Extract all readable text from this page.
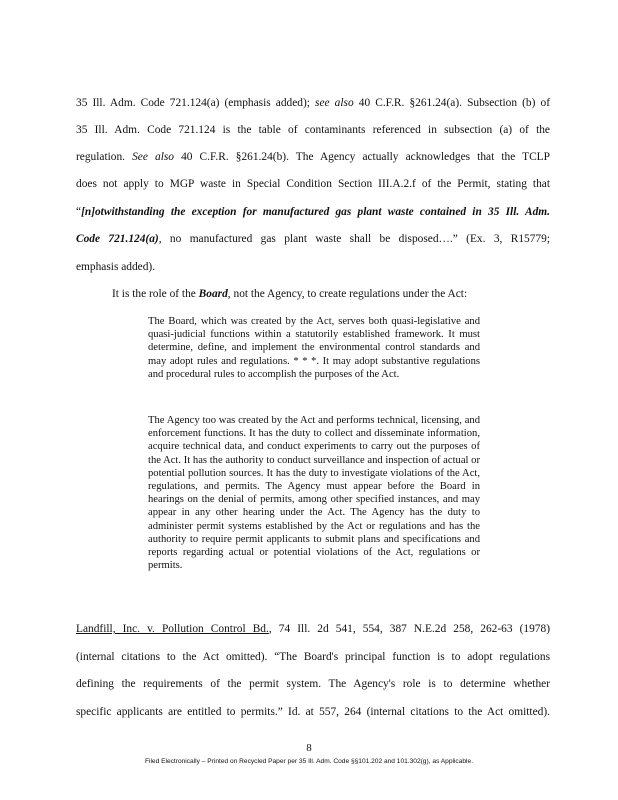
35 Ill. Adm. Code 721.124(a) (emphasis added); see also 40 C.F.R. §261.24(a). Subsection (b) of
35 Ill. Adm. Code 721.124 is the table of contaminants referenced in subsection (a) of the
regulation. See also 40 C.F.R. §261.24(b). The Agency actually acknowledges that the TCLP
does not apply to MGP waste in Special Condition Section III.A.2.f of the Permit, stating that
“[n]otwithstanding the exception for manufactured gas plant waste contained in 35 Ill. Adm.
Code 721.124(a), no manufactured gas plant waste shall be disposed….” (Ex. 3, R15779;
emphasis added).
It is the role of the Board, not the Agency, to create regulations under the Act:

The Board, which was created by the Act, serves both quasi-legislative and quasi-judicial functions within a statutorily established framework. It must determine, define, and implement the environmental control standards and may adopt rules and regulations. * * *. It may adopt substantive regulations and procedural rules to accomplish the purposes of the Act.

The Agency too was created by the Act and performs technical, licensing, and enforcement functions. It has the duty to collect and disseminate information, acquire technical data, and conduct experiments to carry out the purposes of the Act. It has the authority to conduct surveillance and inspection of actual or potential pollution sources. It has the duty to investigate violations of the Act, regulations, and permits. The Agency must appear before the Board in hearings on the denial of permits, among other specified instances, and may appear in any other hearing under the Act. The Agency has the duty to administer permit systems established by the Act or regulations and has the authority to require permit applicants to submit plans and specifications and reports regarding actual or potential violations of the Act, regulations or permits.

Landfill, Inc. v. Pollution Control Bd., 74 Ill. 2d 541, 554, 387 N.E.2d 258, 262-63 (1978)
(internal citations to the Act omitted). “The Board's principal function is to adopt regulations
defining the requirements of the permit system. The Agency's role is to determine whether
specific applicants are entitled to permits.” Id. at 557, 264 (internal citations to the Act omitted).
8
Filed Electronically – Printed on Recycled Paper per 35 Ill. Adm. Code §§101.202 and 101.302(g), as Applicable.
